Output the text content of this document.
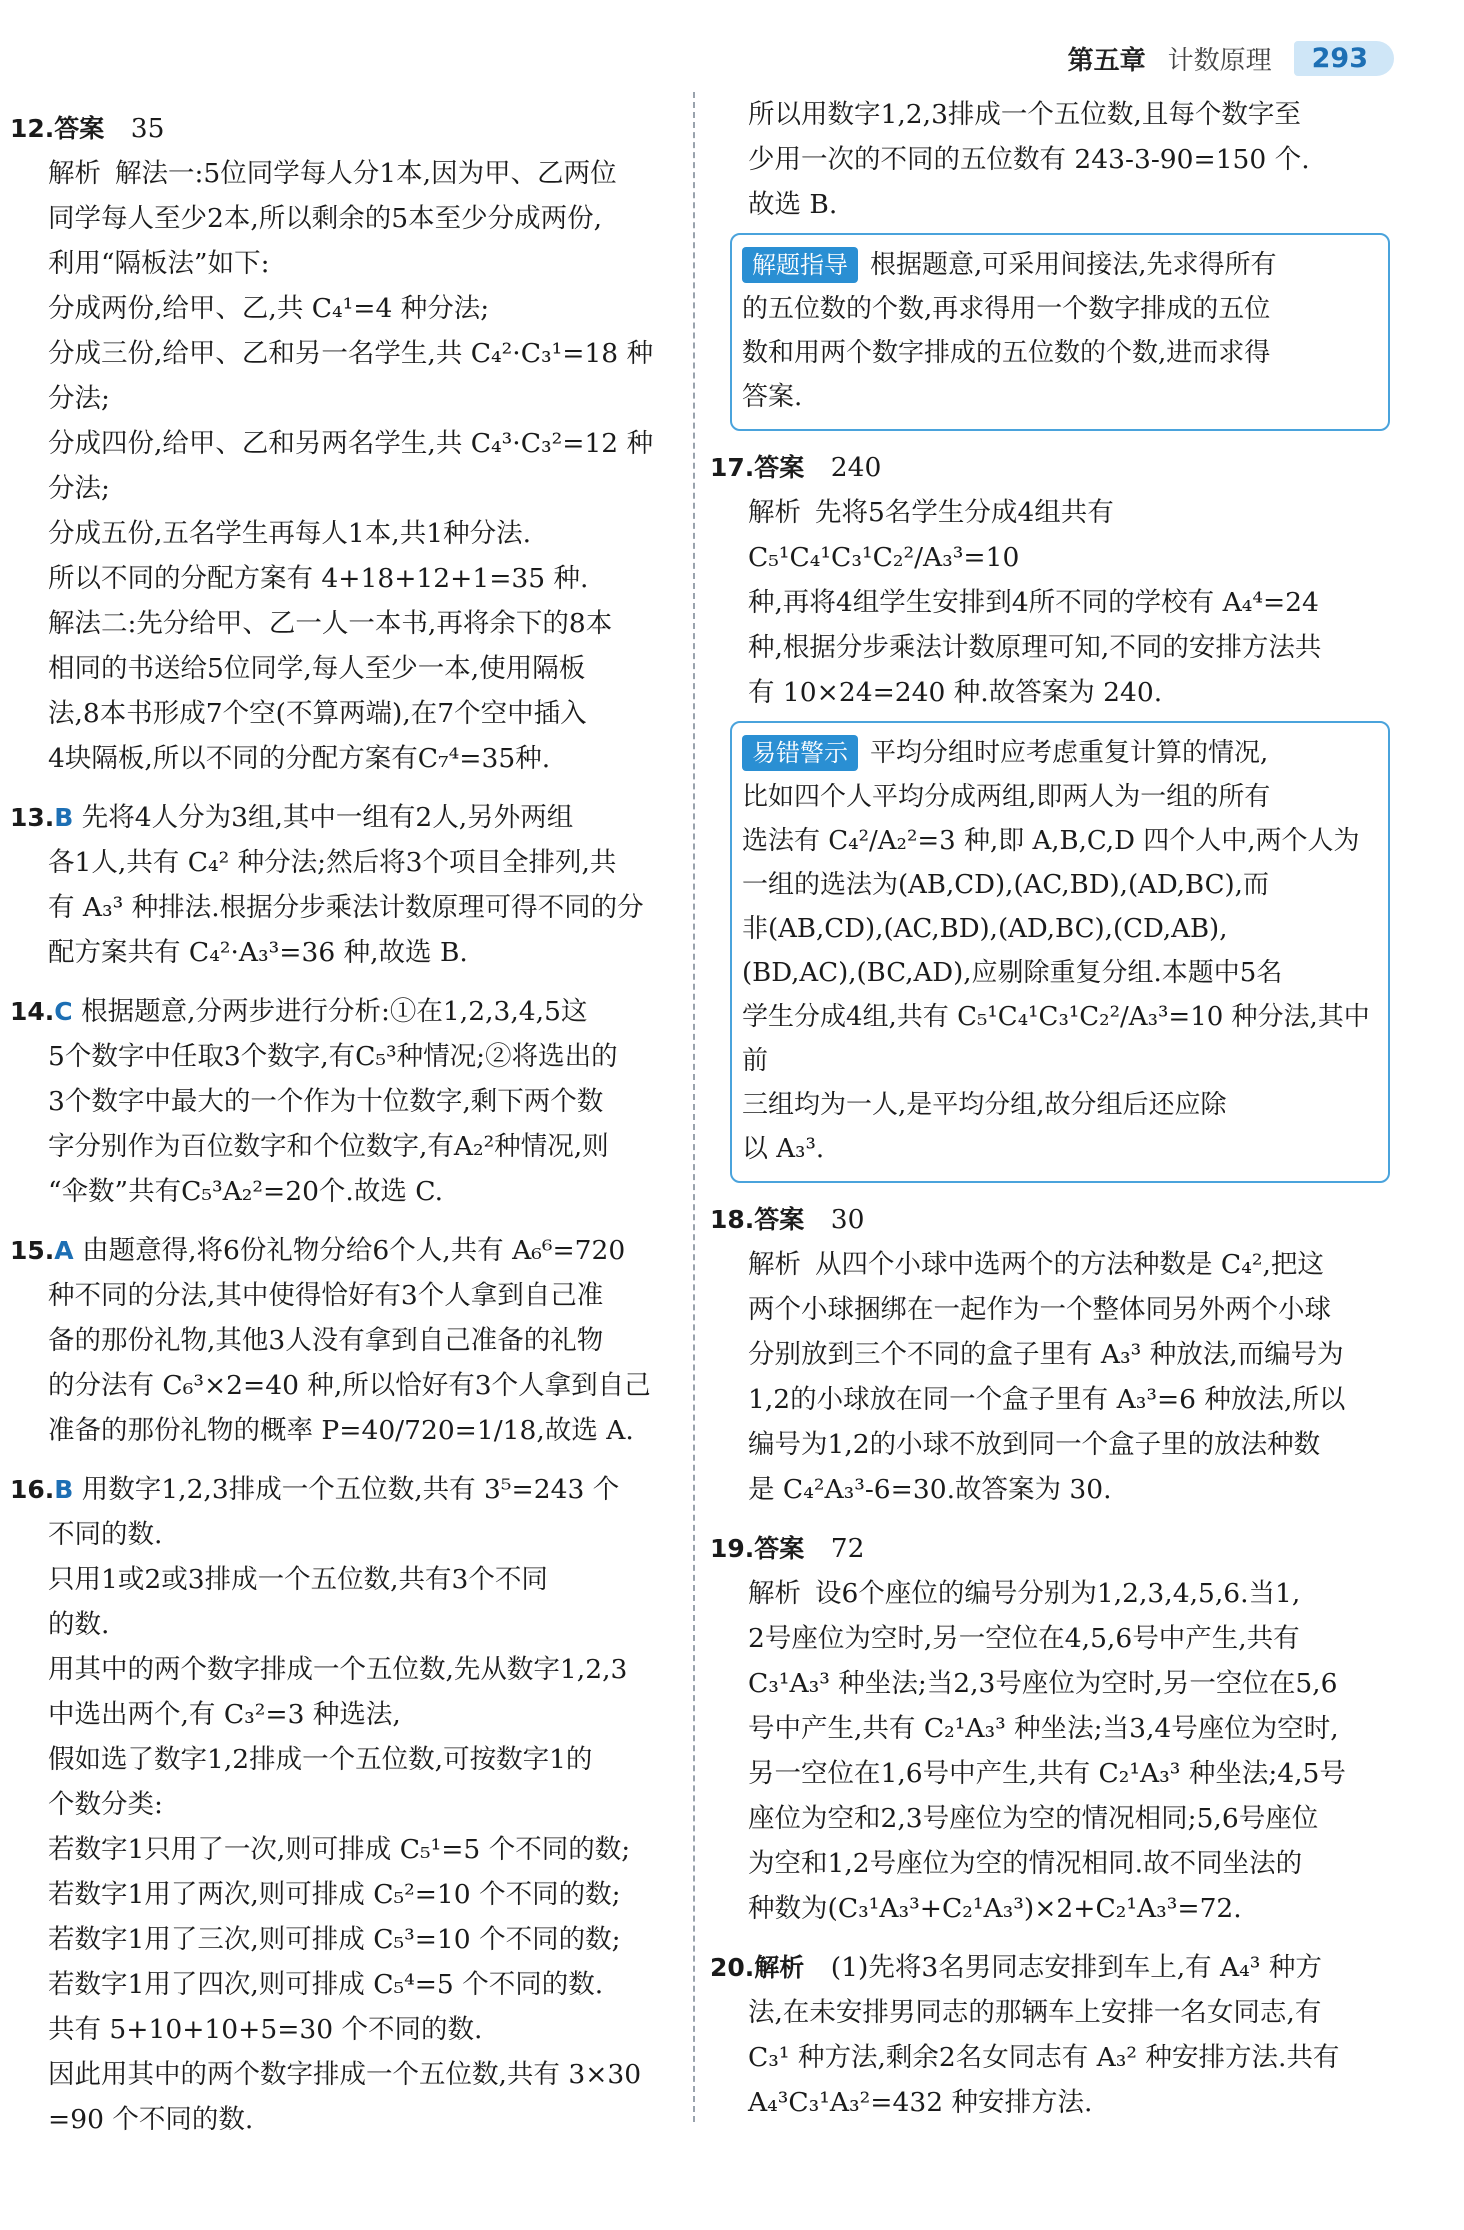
第五章 计数原理	293

12.答案  35

解析 解法一:5位同学每人分1本,因为甲、乙两位

同学每人至少2本,所以剩余的5本至少分成两份,

利用“隔板法”如下:

分成两份,给甲、乙,共 C₄¹=4 种分法;

分成三份,给甲、乙和另一名学生,共 C₄²·C₃¹=18 种

分法;

分成四份,给甲、乙和另两名学生,共 C₄³·C₃²=12 种

分法;

分成五份,五名学生再每人1本,共1种分法.

所以不同的分配方案有 4+18+12+1=35 种.

解法二:先分给甲、乙一人一本书,再将余下的8本

相同的书送给5位同学,每人至少一本,使用隔板

法,8本书形成7个空(不算两端),在7个空中插入

4块隔板,所以不同的分配方案有C₇⁴=35种.

13.B 先将4人分为3组,其中一组有2人,另外两组

各1人,共有 C₄² 种分法;然后将3个项目全排列,共

有 A₃³ 种排法.根据分步乘法计数原理可得不同的分

配方案共有 C₄²·A₃³=36 种,故选 B.

14.C 根据题意,分两步进行分析:①在1,2,3,4,5这

5个数字中任取3个数字,有C₅³种情况;②将选出的

3个数字中最大的一个作为十位数字,剩下两个数

字分别作为百位数字和个位数字,有A₂²种情况,则

“伞数”共有C₅³A₂²=20个.故选 C.

15.A 由题意得,将6份礼物分给6个人,共有 A₆⁶=720

种不同的分法,其中使得恰好有3个人拿到自己准

备的那份礼物,其他3人没有拿到自己准备的礼物

的分法有 C₆³×2=40 种,所以恰好有3个人拿到自己

准备的那份礼物的概率 P=40/720=1/18,故选 A.

16.B 用数字1,2,3排成一个五位数,共有 3⁵=243 个

不同的数.

只用1或2或3排成一个五位数,共有3个不同

的数.

用其中的两个数字排成一个五位数,先从数字1,2,3

中选出两个,有 C₃²=3 种选法,

假如选了数字1,2排成一个五位数,可按数字1的

个数分类:

若数字1只用了一次,则可排成 C₅¹=5 个不同的数;

若数字1用了两次,则可排成 C₅²=10 个不同的数;

若数字1用了三次,则可排成 C₅³=10 个不同的数;

若数字1用了四次,则可排成 C₅⁴=5 个不同的数.

共有 5+10+10+5=30 个不同的数.

因此用其中的两个数字排成一个五位数,共有 3×30

=90 个不同的数.

所以用数字1,2,3排成一个五位数,且每个数字至

少用一次的不同的五位数有 243-3-90=150 个.

故选 B.

解题指导 根据题意,可采用间接法,先求得所有
的五位数的个数,再求得用一个数字排成的五位
数和用两个数字排成的五位数的个数,进而求得
答案.

17.答案  240

解析 先将5名学生分成4组共有 C₅¹C₄¹C₃¹C₂²/A₃³=10

种,再将4组学生安排到4所不同的学校有 A₄⁴=24

种,根据分步乘法计数原理可知,不同的安排方法共

有 10×24=240 种.故答案为 240.

易错警示 平均分组时应考虑重复计算的情况,
比如四个人平均分成两组,即两人为一组的所有
选法有 C₄²/A₂²=3 种,即 A,B,C,D 四个人中,两个人为
一组的选法为(AB,CD),(AC,BD),(AD,BC),而
非(AB,CD),(AC,BD),(AD,BC),(CD,AB),
(BD,AC),(BC,AD),应剔除重复分组.本题中5名
学生分成4组,共有 C₅¹C₄¹C₃¹C₂²/A₃³=10 种分法,其中前
三组均为一人,是平均分组,故分组后还应除
以 A₃³.

18.答案  30

解析 从四个小球中选两个的方法种数是 C₄²,把这

两个小球捆绑在一起作为一个整体同另外两个小球

分别放到三个不同的盒子里有 A₃³ 种放法,而编号为

1,2的小球放在同一个盒子里有 A₃³=6 种放法,所以

编号为1,2的小球不放到同一个盒子里的放法种数

是 C₄²A₃³-6=30.故答案为 30.

19.答案  72

解析 设6个座位的编号分别为1,2,3,4,5,6.当1,

2号座位为空时,另一空位在4,5,6号中产生,共有

C₃¹A₃³ 种坐法;当2,3号座位为空时,另一空位在5,6

号中产生,共有 C₂¹A₃³ 种坐法;当3,4号座位为空时,

另一空位在1,6号中产生,共有 C₂¹A₃³ 种坐法;4,5号

座位为空和2,3号座位为空的情况相同;5,6号座位

为空和1,2号座位为空的情况相同.故不同坐法的

种数为(C₃¹A₃³+C₂¹A₃³)×2+C₂¹A₃³=72.

20.解析  (1)先将3名男同志安排到车上,有 A₄³ 种方

法,在未安排男同志的那辆车上安排一名女同志,有

C₃¹ 种方法,剩余2名女同志有 A₃² 种安排方法.共有

A₄³C₃¹A₃²=432 种安排方法.
